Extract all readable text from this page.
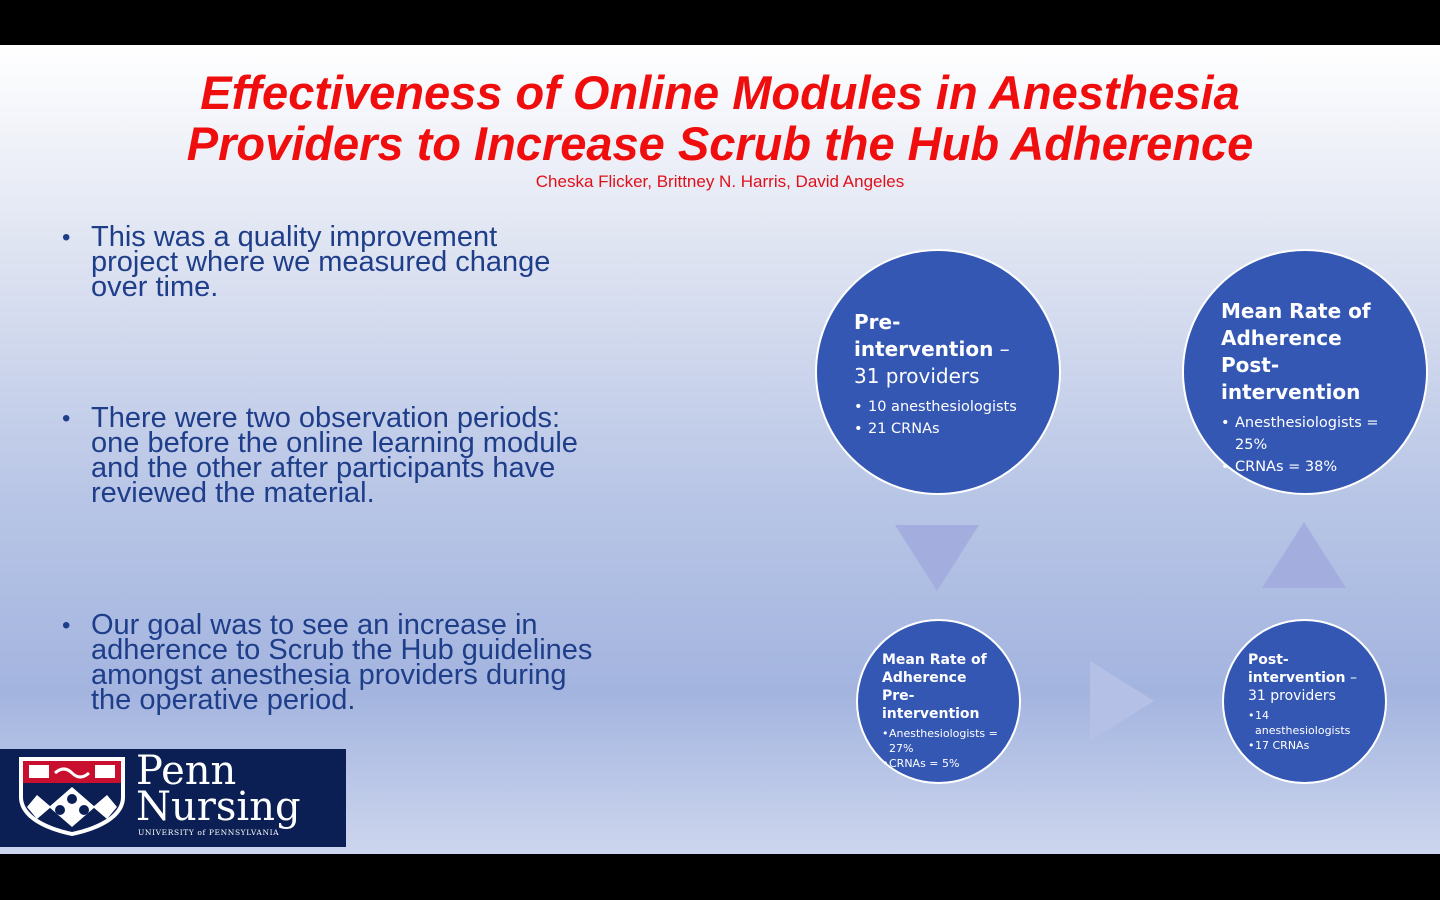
Effectiveness of Online Modules in Anesthesia
Providers to Increase Scrub the Hub Adherence
Cheska Flicker, Brittney N. Harris, David Angeles
• This was a quality improvement project where we measured change over time.
• There were two observation periods: one before the online learning module and the other after participants have reviewed the material.
• Our goal was to see an increase in adherence to Scrub the Hub guidelines amongst anesthesia providers during the operative period.
Pre-intervention – 31 providers
• 10 anesthesiologists
• 21 CRNAs
Mean Rate of Adherence Post-intervention
• Anesthesiologists = 25%
• CRNAs = 38%
Mean Rate of Adherence Pre-intervention
• Anesthesiologists = 27%
• CRNAs = 5%
Post-intervention – 31 providers
• 14 anesthesiologists
• 17 CRNAs
Penn
Nursing
UNIVERSITY of PENNSYLVANIA
